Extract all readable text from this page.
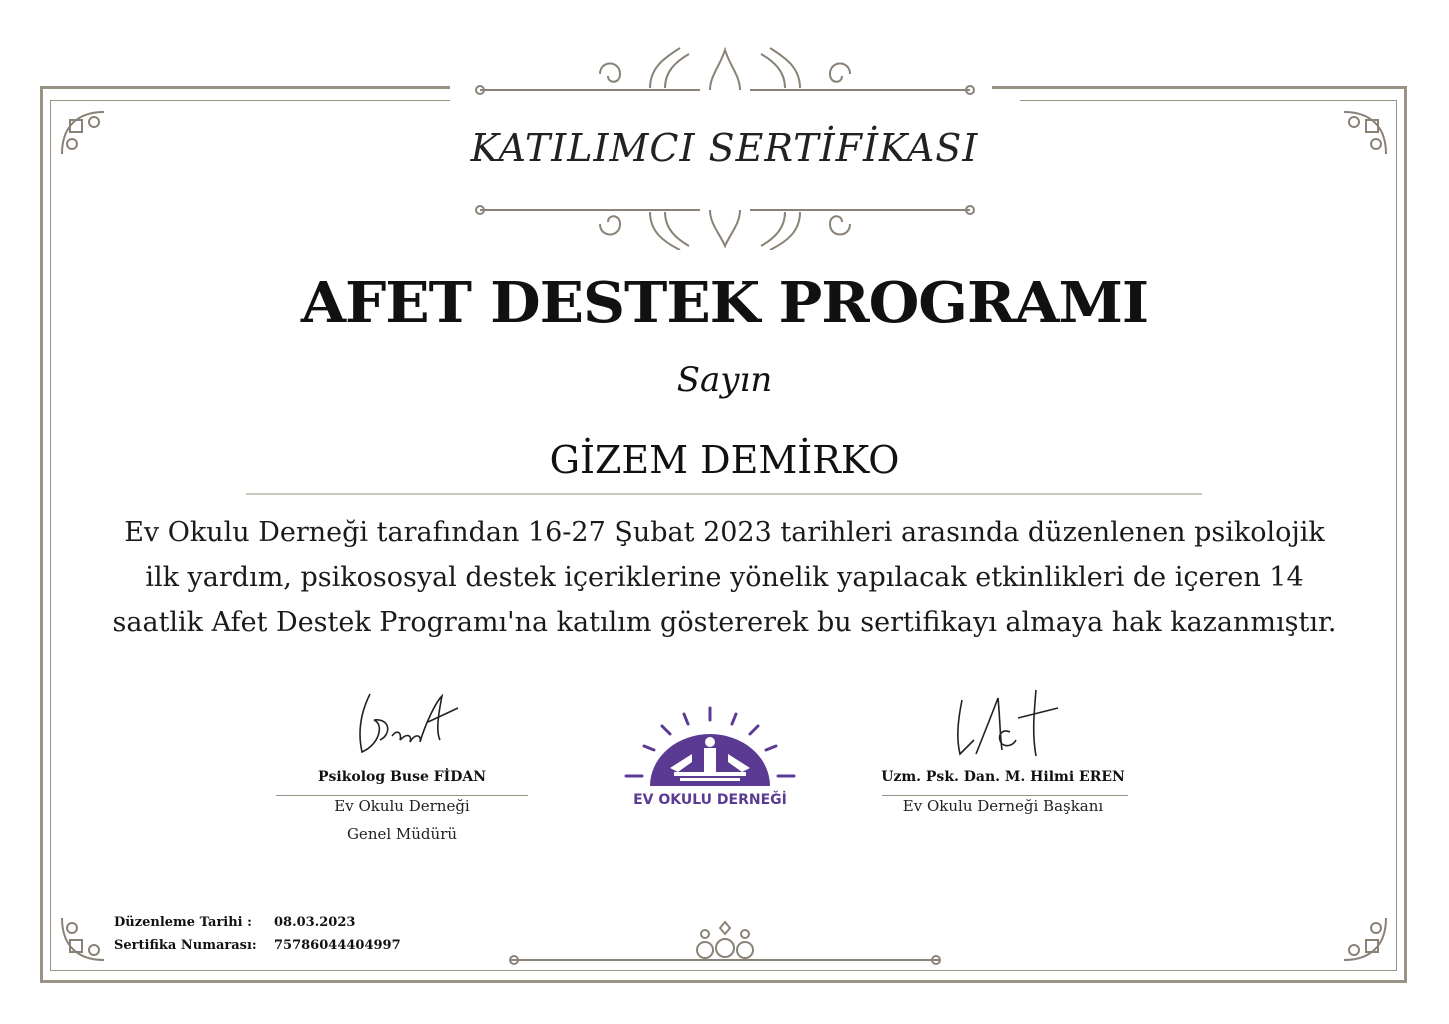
KATILIMCI SERTİFİKASI
AFET DESTEK PROGRAMI
Sayın
GİZEM DEMİRKO
Ev Okulu Derneği tarafından 16-27 Şubat 2023 tarihleri arasında düzenlenen psikolojik
ilk yardım, psikososyal destek içeriklerine yönelik yapılacak etkinlikleri de içeren 14
saatlik Afet Destek Programı'na katılım göstererek bu sertifikayı almaya hak kazanmıştır.
Psikolog Buse FİDAN
Ev Okulu Derneği
Genel Müdürü
EV OKULU DERNEĞİ
Uzm. Psk. Dan. M. Hilmi EREN
Ev Okulu Derneği Başkanı
Düzenleme Tarihi : 08.03.2023
Sertifika Numarası: 75786044404997
